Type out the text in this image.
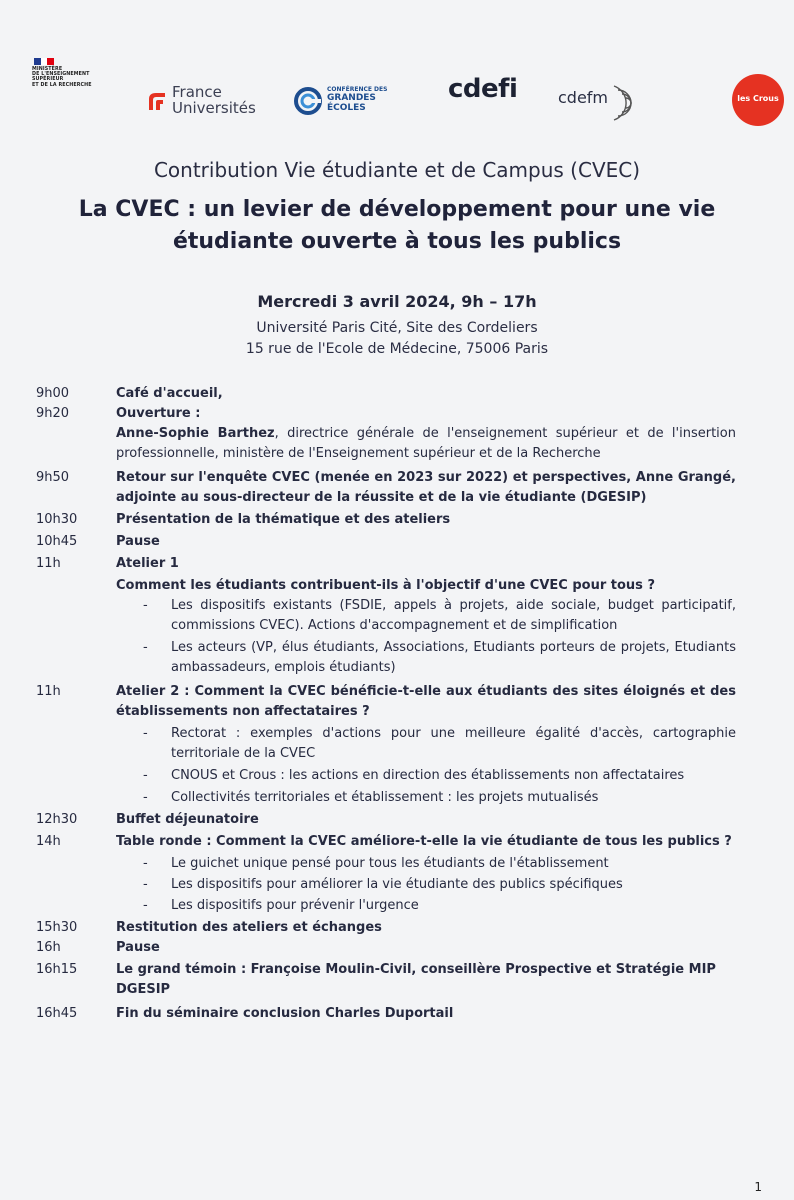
MINISTÈRE
DE L'ENSEIGNEMENT
SUPÉRIEUR
ET DE LA RECHERCHE	France
Universités
CONFÉRENCE DES
GRANDES
ÉCOLES
cdefi	cdefm	les Crous
Contribution Vie étudiante et de Campus (CVEC)
La CVEC : un levier de développement pour une vie étudiante ouverte à tous les publics
Mercredi 3 avril 2024, 9h – 17h
Université Paris Cité, Site des Cordeliers
15 rue de l'Ecole de Médecine, 75006 Paris
9h00	Café d'accueil,
9h20	Ouverture :
Anne-Sophie Barthez, directrice générale de l'enseignement supérieur et de l'insertion professionnelle, ministère de l'Enseignement supérieur et de la Recherche
9h50	Retour sur l'enquête CVEC (menée en 2023 sur 2022) et perspectives, Anne Grangé, adjointe au sous-directeur de la réussite et de la vie étudiante (DGESIP)
10h30	Présentation de la thématique et des ateliers
10h45	Pause
11h	Atelier 1
Comment les étudiants contribuent-ils à l'objectif d'une CVEC pour tous ?
- Les dispositifs existants (FSDIE, appels à projets, aide sociale, budget participatif, commissions CVEC). Actions d'accompagnement et de simplification
- Les acteurs (VP, élus étudiants, Associations, Etudiants porteurs de projets, Etudiants ambassadeurs, emplois étudiants)
11h	Atelier 2 : Comment la CVEC bénéficie-t-elle aux étudiants des sites éloignés et des établissements non affectataires ?
- Rectorat : exemples d'actions pour une meilleure égalité d'accès, cartographie territoriale de la CVEC
- CNOUS et Crous : les actions en direction des établissements non affectataires
- Collectivités territoriales et établissement : les projets mutualisés
12h30	Buffet déjeunatoire
14h	Table ronde : Comment la CVEC améliore-t-elle la vie étudiante de tous les publics ?
- Le guichet unique pensé pour tous les étudiants de l'établissement
- Les dispositifs pour améliorer la vie étudiante des publics spécifiques
- Les dispositifs pour prévenir l'urgence
15h30	Restitution des ateliers et échanges
16h	Pause
16h15	Le grand témoin : Françoise Moulin-Civil, conseillère Prospective et Stratégie MIP DGESIP
16h45	Fin du séminaire conclusion Charles Duportail
1
